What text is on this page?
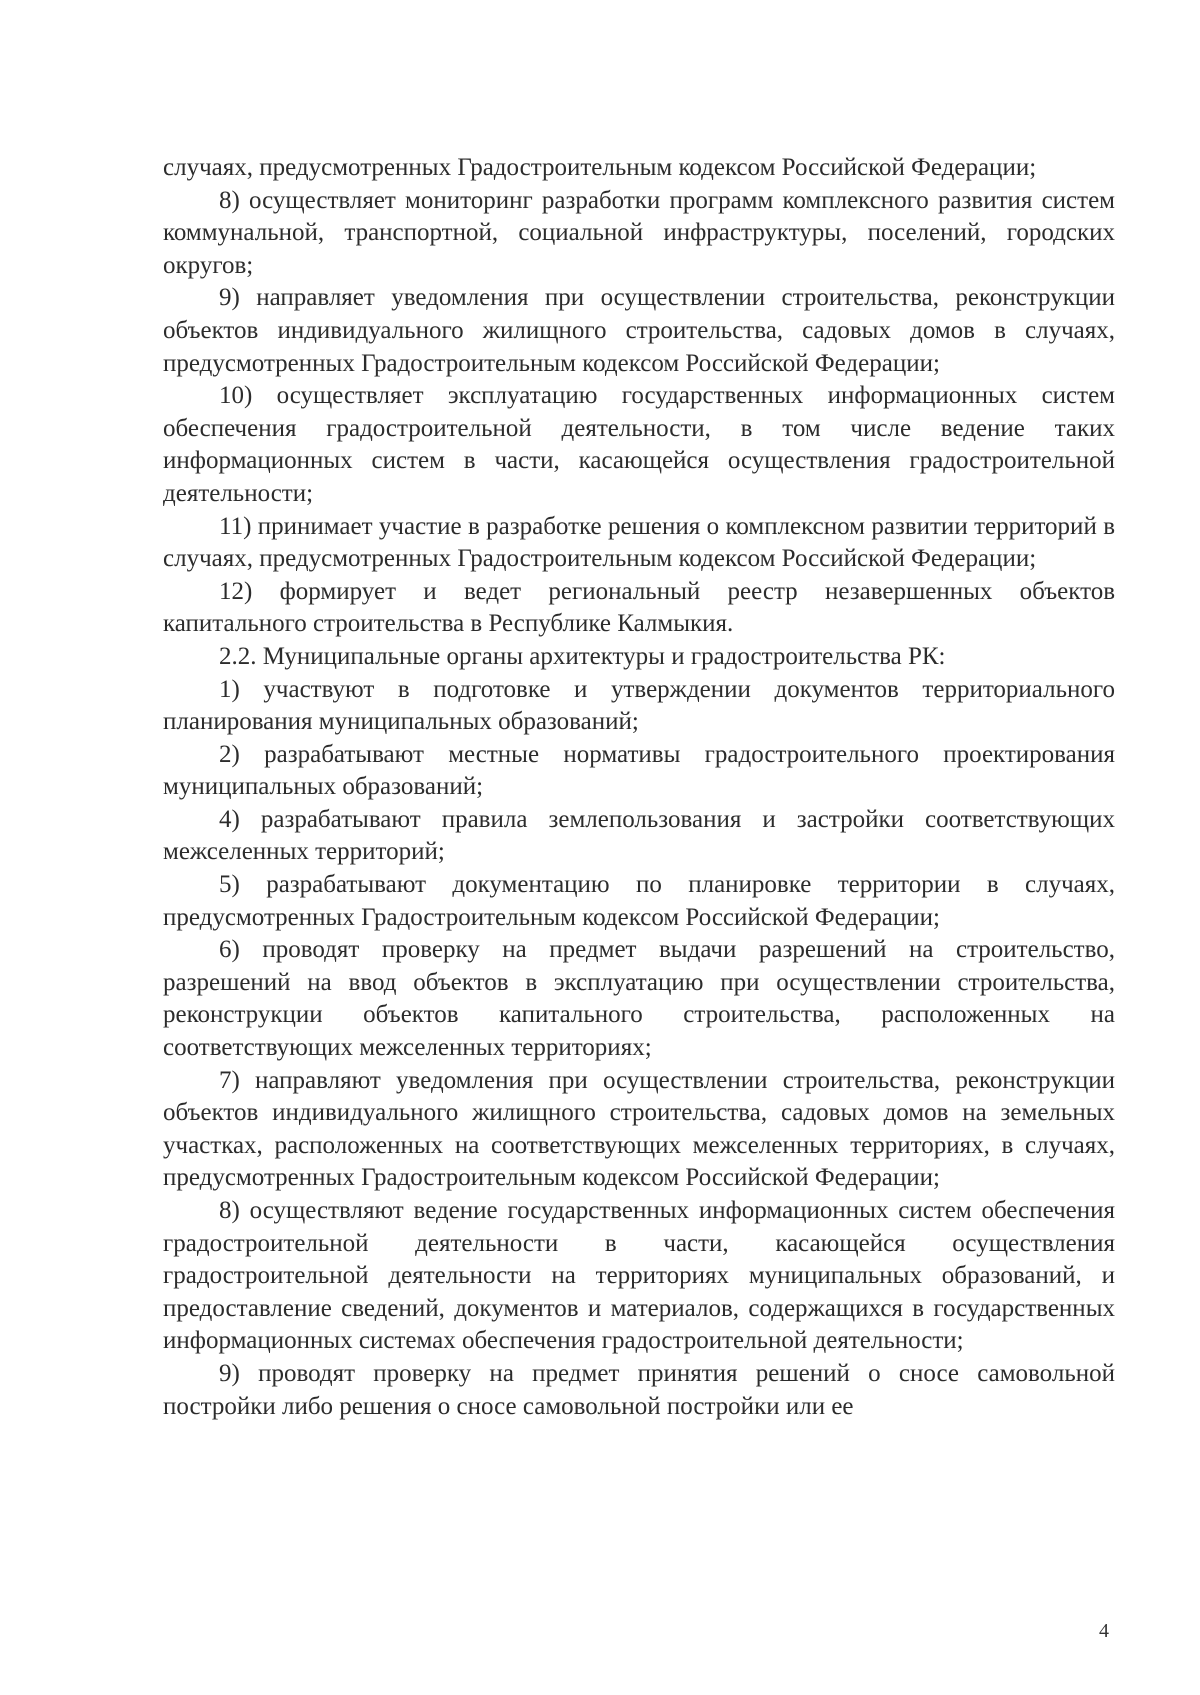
случаях, предусмотренных Градостроительным кодексом Российской Федерации;

8) осуществляет мониторинг разработки программ комплексного развития систем коммунальной, транспортной, социальной инфраструктуры, поселений, городских округов;

9) направляет уведомления при осуществлении строительства, реконструкции объектов индивидуального жилищного строительства, садовых домов в случаях, предусмотренных Градостроительным кодексом Российской Федерации;

10) осуществляет эксплуатацию государственных информационных систем обеспечения градостроительной деятельности, в том числе ведение таких информационных систем в части, касающейся осуществления градостроительной деятельности;

11) принимает участие в разработке решения о комплексном развитии территорий в случаях, предусмотренных Градостроительным кодексом Российской Федерации;

12) формирует и ведет региональный реестр незавершенных объектов капитального строительства в Республике Калмыкия.

2.2. Муниципальные органы архитектуры и градостроительства РК:

1) участвуют в подготовке и утверждении документов территориального планирования муниципальных образований;

2) разрабатывают местные нормативы градостроительного проектирования муниципальных образований;

4) разрабатывают правила землепользования и застройки соответствующих межселенных территорий;

5) разрабатывают документацию по планировке территории в случаях, предусмотренных Градостроительным кодексом Российской Федерации;

6) проводят проверку на предмет выдачи разрешений на строительство, разрешений на ввод объектов в эксплуатацию при осуществлении строительства, реконструкции объектов капитального строительства, расположенных на соответствующих межселенных территориях;

7) направляют уведомления при осуществлении строительства, реконструкции объектов индивидуального жилищного строительства, садовых домов на земельных участках, расположенных на соответствующих межселенных территориях, в случаях, предусмотренных Градостроительным кодексом Российской Федерации;

8) осуществляют ведение государственных информационных систем обеспечения градостроительной деятельности в части, касающейся осуществления градостроительной деятельности на территориях муниципальных образований, и предоставление сведений, документов и материалов, содержащихся в государственных информационных системах обеспечения градостроительной деятельности;

9) проводят проверку на предмет принятия решений о сносе самовольной постройки либо решения о сносе самовольной постройки или ее

4
